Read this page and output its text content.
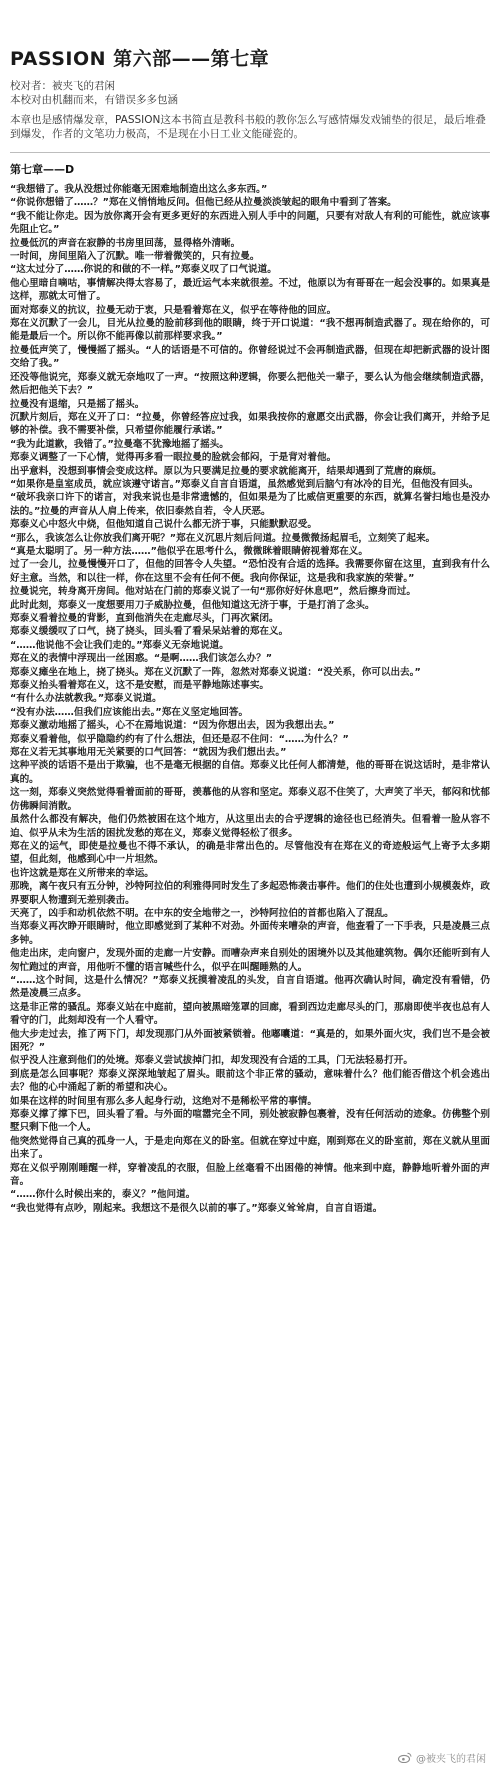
PASSION 第六部——第七章
校对者：被夹飞的君闲
本校对由机翻而来，有错误多多包涵
本章也是感情爆发章，PASSION这本书简直是教科书般的教你怎么写感情爆发戏铺垫的很足，最后堆叠到爆发，作者的文笔功力极高，不是现在小日工业文能碰瓷的。
第七章——D

“我想错了。我从没想过你能毫无困难地制造出这么多东西。”

“你说你想错了……？”郑在义悄悄地反问。但他已经从拉曼淡淡皱起的眼角中看到了答案。

“我不能让你走。因为放你离开会有更多更好的东西进入别人手中的问题，只要有对敌人有利的可能性，就应该事先阻止它。”

拉曼低沉的声音在寂静的书房里回荡，显得格外清晰。

一时间，房间里陷入了沉默。唯一带着微笑的，只有拉曼。

“这太过分了……你说的和做的不一样。”郑泰义叹了口气说道。

他心里暗自嘀咕，事情解决得太容易了，最近运气本来就很差。不过，他原以为有哥哥在一起会没事的。如果真是这样，那就太可惜了。

面对郑泰义的抗议，拉曼无动于衷，只是看着郑在义，似乎在等待他的回应。

郑在义沉默了一会儿，目光从拉曼的脸前移到他的眼睛，终于开口说道：“我不想再制造武器了。现在给你的，可能是最后一个。所以你不能再像以前那样要求我。”

拉曼低声笑了，慢慢摇了摇头。“人的话语是不可信的。你曾经说过不会再制造武器，但现在却把新武器的设计图交给了我。”

还没等他说完，郑泰义就无奈地叹了一声。“按照这种逻辑，你要么把他关一辈子，要么认为他会继续制造武器，然后把他关下去？”

拉曼没有退缩，只是摇了摇头。

沉默片刻后，郑在义开了口：“拉曼，你曾经答应过我，如果我按你的意愿交出武器，你会让我们离开，并给予足够的补偿。我不需要补偿，只希望你能履行承诺。”

“我为此道歉，我错了。”拉曼毫不犹豫地摇了摇头。

郑泰义调整了一下心情，觉得再多看一眼拉曼的脸就会郁闷，于是背对着他。

出乎意料，没想到事情会变成这样。原以为只要满足拉曼的要求就能离开，结果却遇到了荒唐的麻烦。

“如果你是皇室成员，就应该遵守诺言。”郑泰义自言自语道，虽然感觉到后脑勺有冰冷的目光，但他没有回头。

“破坏我亲口许下的诺言，对我来说也是非常遗憾的，但如果是为了比威信更重要的东西，就算名誉扫地也是没办法的。”拉曼的声音从人肩上传来，依旧泰然自若，令人厌恶。

郑泰义心中怒火中烧，但他知道自己说什么都无济于事，只能默默忍受。

“那么，我该怎么让你放我们离开呢？”郑在义沉思片刻后问道。拉曼微微扬起眉毛，立刻笑了起来。

“真是太聪明了。另一种方法……”他似乎在思考什么，微微眯着眼睛俯视着郑在义。

过了一会儿，拉曼慢慢开口了，但他的回答令人失望。“恐怕没有合适的选择。我需要你留在这里，直到我有什么好主意。当然，和以往一样，你在这里不会有任何不便。我向你保证，这是我和我家族的荣誉。”

拉曼说完，转身离开房间。他对站在门前的郑泰义说了一句“那你好好休息吧”，然后擦身而过。

此时此刻，郑泰义一度想要用刀子威胁拉曼，但他知道这无济于事，于是打消了念头。

郑泰义看着拉曼的背影，直到他消失在走廊尽头，门再次紧闭。

郑泰义缓缓叹了口气，挠了挠头，回头看了看呆呆站着的郑在义。

“……他说他不会让我们走的。”郑泰义无奈地说道。

郑在义的表情中浮现出一丝困惑。“是啊……我们该怎么办？”

郑泰义瘫坐在地上，挠了挠头。郑在义沉默了一阵，忽然对郑泰义说道：“没关系，你可以出去。”

郑泰义抬头看着郑在义，这不是安慰，而是平静地陈述事实。

“有什么办法就教我。”郑泰义说道。

“没有办法……但我们应该能出去。”郑在义坚定地回答。

郑泰义激动地摇了摇头，心不在焉地说道：“因为你想出去，因为我想出去。”

郑泰义看着他，似乎隐隐约约有了什么想法，但还是忍不住问：“……为什么？”

郑在义若无其事地用无关紧要的口气回答：“就因为我们想出去。”

这种平淡的话语不是出于欺骗，也不是毫无根据的自信。郑泰义比任何人都清楚，他的哥哥在说这话时，是非常认真的。

这一刻，郑泰义突然觉得看着面前的哥哥，羡慕他的从容和坚定。郑泰义忍不住笑了，大声笑了半天，郁闷和忧郁仿佛瞬间消散。

虽然什么都没有解决，他们仍然被困在这个地方，从这里出去的合乎逻辑的途径也已经消失。但看着一脸从容不迫、似乎从未为生活的困扰发愁的郑在义，郑泰义觉得轻松了很多。

郑在义的运气，即使是拉曼也不得不承认，的确是非常出色的。尽管他没有在郑在义的奇迹般运气上寄予太多期望，但此刻，他感到心中一片坦然。

也许这就是郑在义所带来的幸运。

那晚，离午夜只有五分钟，沙特阿拉伯的利雅得同时发生了多起恐怖袭击事件。他们的住处也遭到小规模轰炸，政界要职人物遭到无差别袭击。

天亮了，凶手和动机依然不明。在中东的安全地带之一，沙特阿拉伯的首都也陷入了混乱。

当郑泰义再次睁开眼睛时，他立即感觉到了某种不对劲。外面传来嘈杂的声音，他查看了一下手表，只是凌晨三点多钟。

他走出床，走向窗户，发现外面的走廊一片安静。而嘈杂声来自别处的困境外以及其他建筑物。偶尔还能听到有人匆忙跑过的声音，用他听不懂的语言喊些什么，似乎在叫醒睡熟的人。

“……这个时间，这是什么情况？”郑泰义抚摸着凌乱的头发，自言自语道。他再次确认时间，确定没有看错，仍然是凌晨三点多。

这是非正常的骚乱。郑泰义站在中庭前，望向被黑暗笼罩的回廊，看到西边走廊尽头的门，那扇即使半夜也总有人看守的门，此刻却没有一个人看守。

他大步走过去，推了两下门，却发现那门从外面被紧锁着。他嘟囔道：“真是的，如果外面火灾，我们岂不是会被困死？”

似乎没人注意到他们的处境。郑泰义尝试拔掉门扣，却发现没有合适的工具，门无法轻易打开。

到底是怎么回事呢？郑泰义深深地皱起了眉头。眼前这个非正常的骚动，意味着什么？他们能否借这个机会逃出去？他的心中涌起了新的希望和决心。

如果在这样的时间里有那么多人起身行动，这绝对不是稀松平常的事情。

郑泰义撑了撑下巴，回头看了看。与外面的喧嚣完全不同，别处被寂静包裹着，没有任何活动的迹象。仿佛整个别墅只剩下他一个人。

他突然觉得自己真的孤身一人，于是走向郑在义的卧室。但就在穿过中庭，刚到郑在义的卧室前，郑在义就从里面出来了。

郑在义似乎刚刚睡醒一样，穿着凌乱的衣服，但脸上丝毫看不出困倦的神情。他来到中庭，静静地听着外面的声音。

“……你什么时候出来的，泰义？”他问道。

“我也觉得有点吵，刚起来。我想这不是很久以前的事了。”郑泰义耸耸肩，自言自语道。

@被夹飞的君闲
